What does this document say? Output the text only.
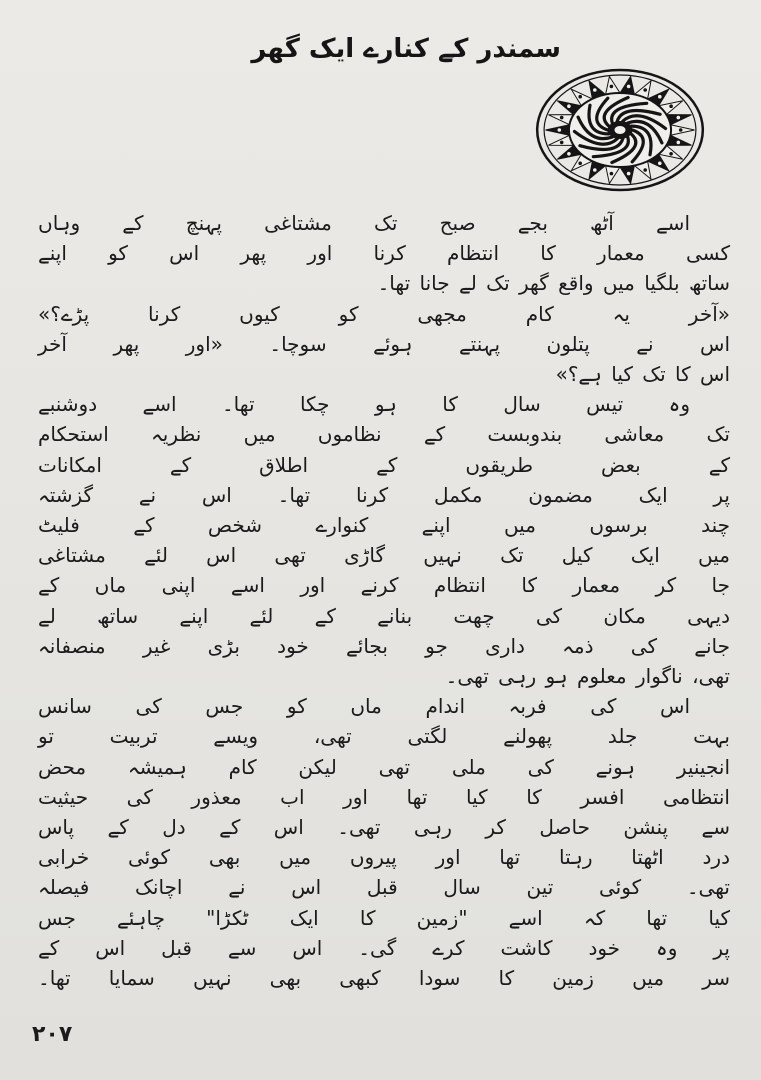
سمندر کے کنارے ایک گھر
اسے آٹھ بجے صبح تک مشتاغی پہنچ کے وہاں
کسی معمار کا انتظام کرنا اور پھر اس کو اپنے
ساتھ بلگیا میں واقع گھر تک لے جانا تھا۔
«آخر یہ کام مجھی کو کیوں کرنا پڑے؟»
اس نے پتلون پہنتے ہوئے سوچا۔ «اور پھر آخر
اس کا تک کیا ہے؟»
وہ تیس سال کا ہو چکا تھا۔ اسے دوشنبے
تک معاشی بندوبست کے نظاموں میں نظریہ استحکام
کے بعض طریقوں کے اطلاق کے امکانات
پر ایک مضمون مکمل کرنا تھا۔ اس نے گزشتہ
چند برسوں میں اپنے کنوارے شخص کے فلیٹ
میں ایک کیل تک نہیں گاڑی تھی اس لئے مشتاغی
جا کر معمار کا انتظام کرنے اور اسے اپنی ماں کے
دیہی مکان کی چھت بنانے کے لئے اپنے ساتھ لے
جانے کی ذمہ داری جو بجائے خود بڑی غیر منصفانہ
تھی، ناگوار معلوم ہو رہی تھی۔
اس کی فربہ اندام ماں کو جس کی سانس
بہت جلد پھولنے لگتی تھی، ویسے تربیت تو
انجینیر ہونے کی ملی تھی لیکن کام ہمیشہ محض
انتظامی افسر کا کیا تھا اور اب معذور کی حیثیت
سے پنشن حاصل کر رہی تھی۔ اس کے دل کے پاس
درد اٹھتا رہتا تھا اور پیروں میں بھی کوئی خرابی
تھی۔ کوئی تین سال قبل اس نے اچانک فیصلہ
کیا تھا کہ اسے "زمین کا ایک ٹکڑا" چاہئے جس
پر وہ خود کاشت کرے گی۔ اس سے قبل اس کے
سر میں زمین کا سودا کبھی بھی نہیں سمایا تھا۔
۲۰۷
